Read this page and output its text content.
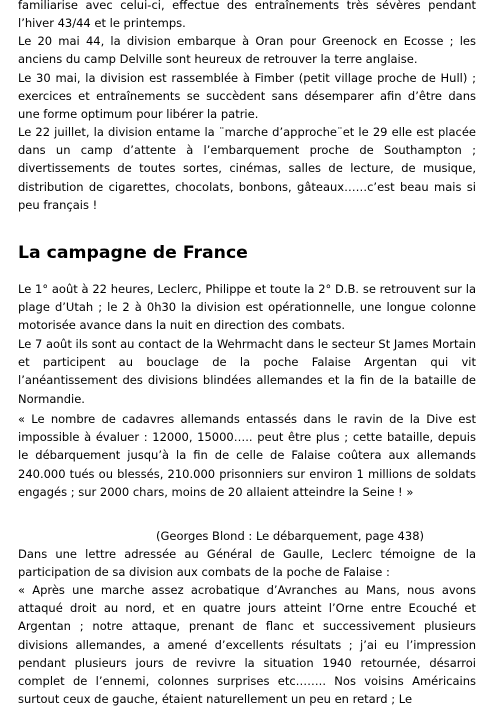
familiarise avec celui-ci, effectue des entraînements très sévères pendant l’hiver 43/44 et le printemps.

Le 20 mai 44, la division embarque à Oran pour Greenock en Ecosse ; les anciens du camp Delville sont heureux de retrouver la terre anglaise.

Le 30 mai, la division est rassemblée à Fimber (petit village proche de Hull) ; exercices et entraînements se succèdent sans désemparer afin d’être dans une forme optimum pour libérer la patrie.

Le 22 juillet, la division entame la ¨marche d’approche¨et le 29 elle est placée dans un camp d’attente à l’embarquement proche de Southampton ; divertissements de toutes sortes, cinémas, salles de lecture, de musique, distribution de cigarettes, chocolats, bonbons, gâteaux……c’est beau mais si peu français !

La campagne de France

Le 1° août à 22 heures, Leclerc, Philippe et toute la 2° D.B. se retrouvent sur la plage d’Utah ; le 2 à 0h30 la division est opérationnelle, une longue colonne motorisée avance dans la nuit en direction des combats.

Le 7 août ils sont au contact de la Wehrmacht dans le secteur St James Mortain et participent au bouclage de la poche Falaise Argentan qui vit l’anéantissement des divisions blindées allemandes et la fin de la bataille de Normandie.

« Le nombre de cadavres allemands entassés dans le ravin de la Dive est impossible à évaluer : 12000, 15000….. peut être plus ; cette bataille, depuis le débarquement jusqu’à la fin de celle de Falaise coûtera aux allemands 240.000 tués ou blessés, 210.000 prisonniers sur environ 1 millions de soldats engagés ; sur 2000 chars, moins de 20 allaient atteindre la Seine ! »

(Georges Blond : Le débarquement, page 438)

Dans une lettre adressée au Général de Gaulle, Leclerc témoigne de la participation de sa division aux combats de la poche de Falaise :

« Après une marche assez acrobatique d’Avranches au Mans, nous avons attaqué droit au nord, et en quatre jours atteint l’Orne entre Ecouché et Argentan ; notre attaque, prenant de flanc et successivement plusieurs divisions allemandes, a amené d’excellents résultats ; j’ai eu l’impression pendant plusieurs jours de revivre la situation 1940 retournée, désarroi complet de l’ennemi, colonnes surprises etc…….. Nos voisins Américains surtout ceux de gauche, étaient naturellement un peu en retard ; Le
